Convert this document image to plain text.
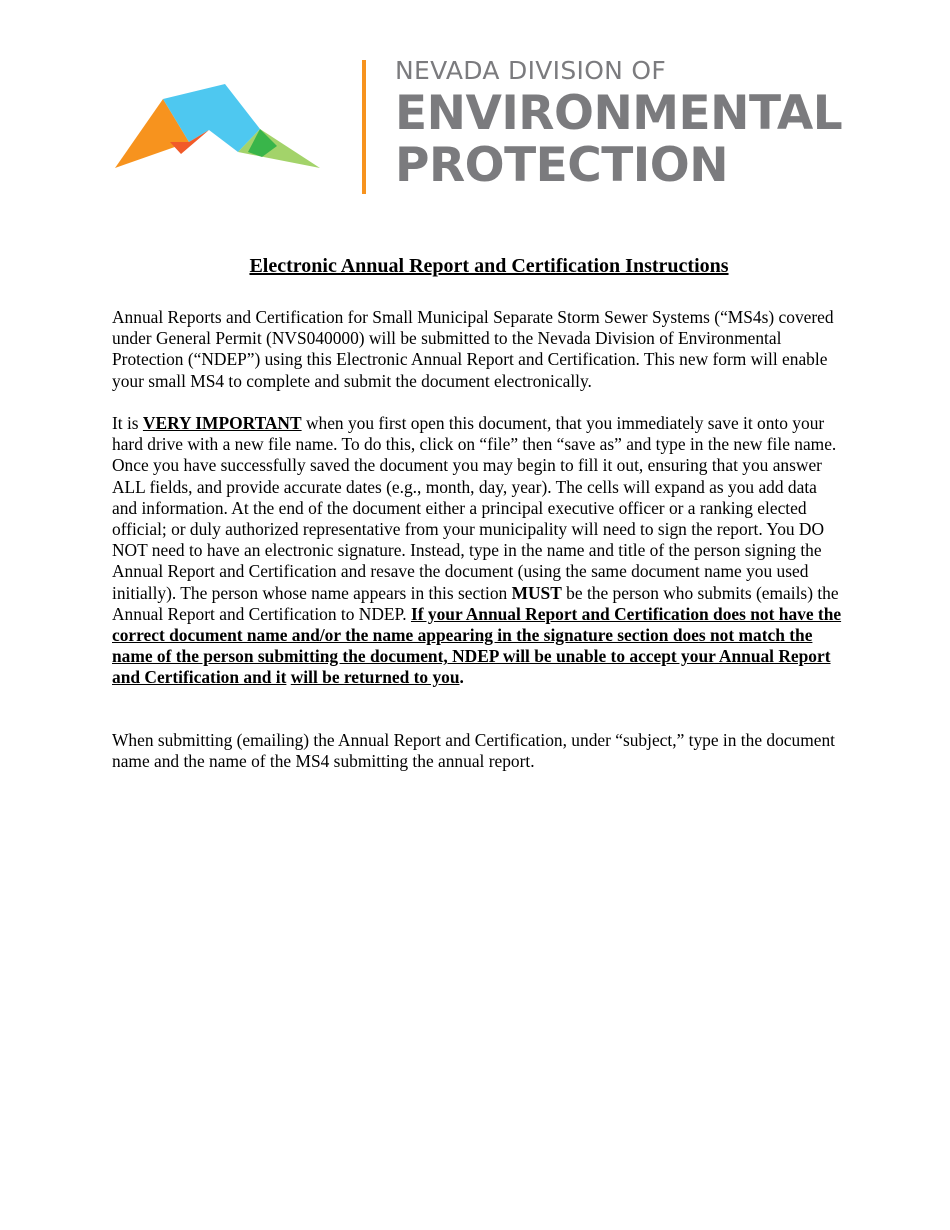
NEVADA DIVISION OF
ENVIRONMENTAL
PROTECTION
Electronic Annual Report and Certification Instructions

Annual Reports and Certification for Small Municipal Separate Storm Sewer Systems (“MS4s) covered under General Permit (NVS040000) will be submitted to the Nevada Division of Environmental Protection (“NDEP”) using this Electronic Annual Report and Certification. This new form will enable your small MS4 to complete and submit the document electronically.

It is VERY IMPORTANT when you first open this document, that you immediately save it onto your hard drive with a new file name. To do this, click on “file” then “save as” and type in the new file name. Once you have successfully saved the document you may begin to fill it out, ensuring that you answer ALL fields, and provide accurate dates (e.g., month, day, year). The cells will expand as you add data and information. At the end of the document either a principal executive officer or a ranking elected official; or duly authorized representative from your municipality will need to sign the report. You DO NOT need to have an electronic signature. Instead, type in the name and title of the person signing the Annual Report and Certification and resave the document (using the same document name you used initially). The person whose name appears in this section MUST be the person who submits (emails) the Annual Report and Certification to NDEP. If your Annual Report and Certification does not have the correct document name and/or the name appearing in the signature section does not match the name of the person submitting the document, NDEP will be unable to accept your Annual Report and Certification and it will be returned to you.

When submitting (emailing) the Annual Report and Certification, under “subject,” type in the document name and the name of the MS4 submitting the annual report.
